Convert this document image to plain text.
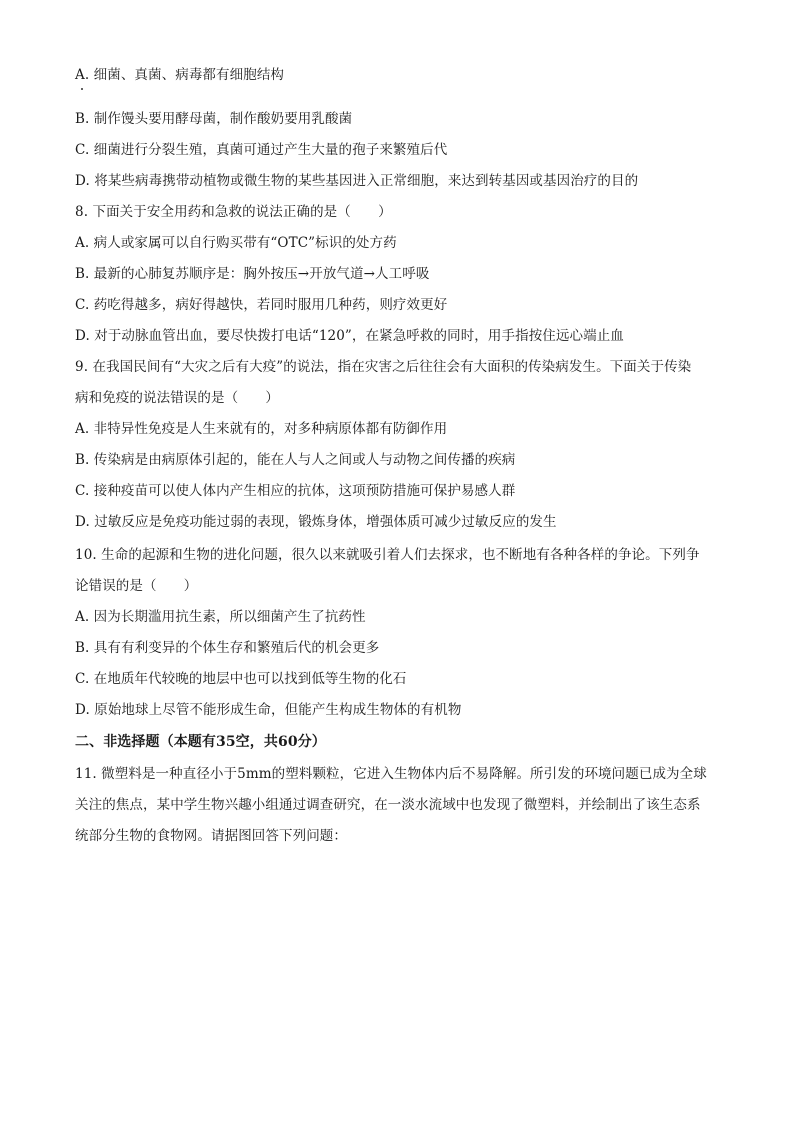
A. 细菌、真菌、病毒都有细胞结构
B. 制作馒头要用酵母菌，制作酸奶要用乳酸菌
C. 细菌进行分裂生殖，真菌可通过产生大量的孢子来繁殖后代
D. 将某些病毒携带动植物或微生物的某些基因进入正常细胞，来达到转基因或基因治疗的目的
8. 下面关于安全用药和急救的说法正确的是（　　）
A. 病人或家属可以自行购买带有“OTC”标识的处方药
B. 最新的心肺复苏顺序是：胸外按压→开放气道→人工呼吸
C. 药吃得越多，病好得越快，若同时服用几种药，则疗效更好
D. 对于动脉血管出血，要尽快拨打电话“120”，在紧急呼救的同时，用手指按住远心端止血
9. 在我国民间有“大灾之后有大疫”的说法，指在灾害之后往往会有大面积的传染病发生。下面关于传染
病和免疫的说法错误的是（　　）
A. 非特异性免疫是人生来就有的，对多种病原体都有防御作用
B. 传染病是由病原体引起的，能在人与人之间或人与动物之间传播的疾病
C. 接种疫苗可以使人体内产生相应的抗体，这项预防措施可保护易感人群
D. 过敏反应是免疫功能过弱的表现，锻炼身体，增强体质可减少过敏反应的发生
10. 生命的起源和生物的进化问题，很久以来就吸引着人们去探求，也不断地有各种各样的争论。下列争
论错误的是（　　）
A. 因为长期滥用抗生素，所以细菌产生了抗药性
B. 具有有利变异的个体生存和繁殖后代的机会更多
C. 在地质年代较晚的地层中也可以找到低等生物的化石
D. 原始地球上尽管不能形成生命，但能产生构成生物体的有机物
二、非选择题（本题有35空，共60分）
11. 微塑料是一种直径小于5mm的塑料颗粒，它进入生物体内后不易降解。所引发的环境问题已成为全球
关注的焦点，某中学生物兴趣小组通过调查研究，在一淡水流域中也发现了微塑料，并绘制出了该生态系
统部分生物的食物网。请据图回答下列问题：
